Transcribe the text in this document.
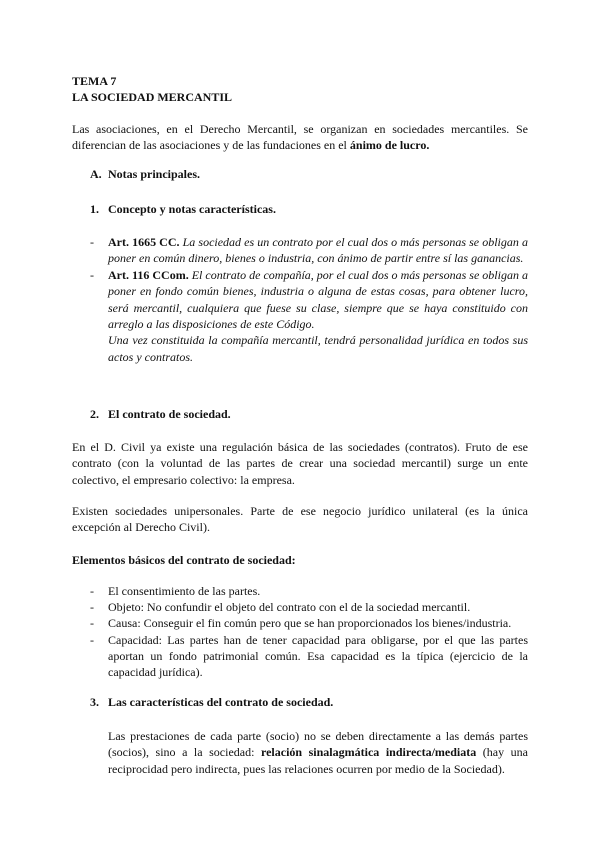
TEMA 7
LA SOCIEDAD MERCANTIL
Las asociaciones, en el Derecho Mercantil, se organizan en sociedades mercantiles. Se diferencian de las asociaciones y de las fundaciones en el ánimo de lucro.
A. Notas principales.
1. Concepto y notas características.
- Art. 1665 CC. La sociedad es un contrato por el cual dos o más personas se obligan a poner en común dinero, bienes o industria, con ánimo de partir entre sí las ganancias.
- Art. 116 CCom. El contrato de compañía, por el cual dos o más personas se obligan a poner en fondo común bienes, industria o alguna de estas cosas, para obtener lucro, será mercantil, cualquiera que fuese su clase, siempre que se haya constituido con arreglo a las disposiciones de este Código.
Una vez constituida la compañía mercantil, tendrá personalidad jurídica en todos sus actos y contratos.
2. El contrato de sociedad.
En el D. Civil ya existe una regulación básica de las sociedades (contratos). Fruto de ese contrato (con la voluntad de las partes de crear una sociedad mercantil) surge un ente colectivo, el empresario colectivo: la empresa.
Existen sociedades unipersonales. Parte de ese negocio jurídico unilateral (es la única excepción al Derecho Civil).
Elementos básicos del contrato de sociedad:
- El consentimiento de las partes.
- Objeto: No confundir el objeto del contrato con el de la sociedad mercantil.
- Causa: Conseguir el fin común pero que se han proporcionados los bienes/industria.
- Capacidad: Las partes han de tener capacidad para obligarse, por el que las partes aportan un fondo patrimonial común. Esa capacidad es la típica (ejercicio de la capacidad jurídica).
3. Las características del contrato de sociedad.
Las prestaciones de cada parte (socio) no se deben directamente a las demás partes (socios), sino a la sociedad: relación sinalagmática indirecta/mediata (hay una reciprocidad pero indirecta, pues las relaciones ocurren por medio de la Sociedad).
